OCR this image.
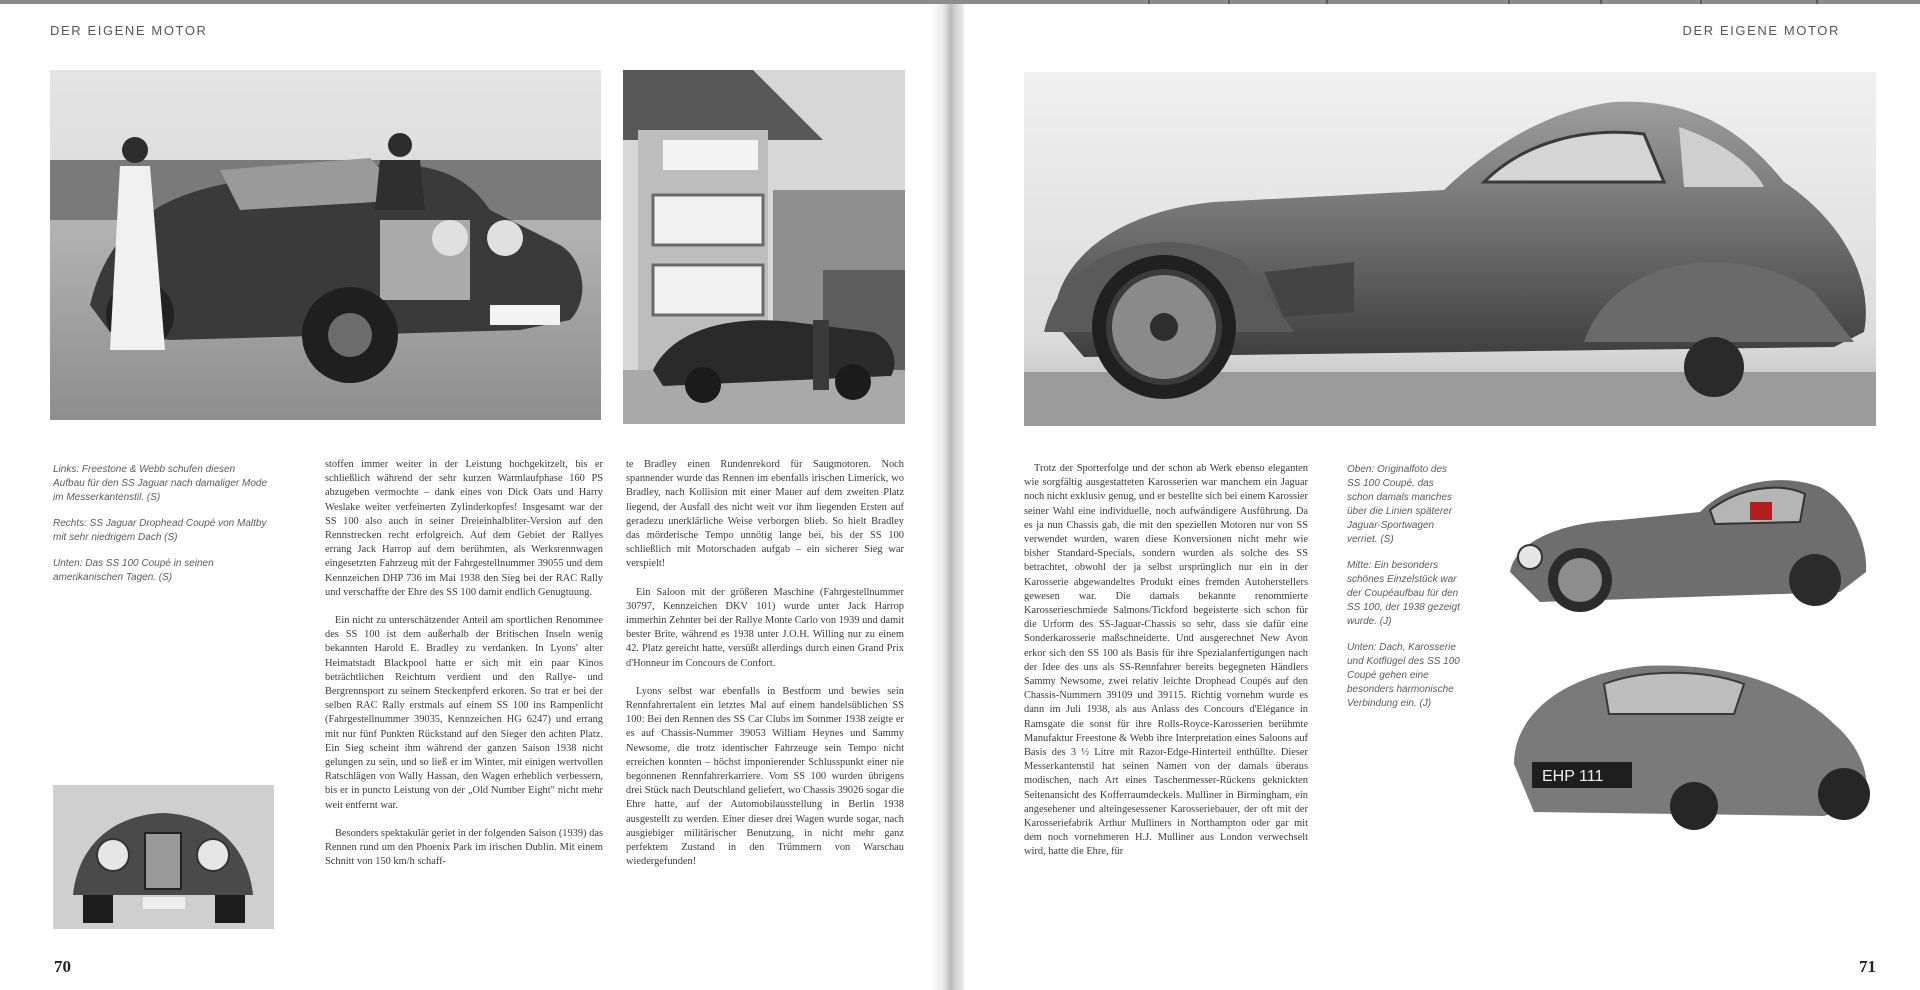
DER EIGENE MOTOR

Links: Freestone & Webb schufen diesen Aufbau für den SS Jaguar nach damaliger Mode im Messerkantenstil. (S)

Rechts: SS Jaguar Drophead Coupé von Maltby mit sehr niedrigem Dach (S)

Unten: Das SS 100 Coupé in seinen amerikanischen Tagen. (S)

stoffen immer weiter in der Leistung hochgekitzelt, bis er schließlich während der sehr kurzen Warmlaufphase 160 PS abzugeben vermochte – dank eines von Dick Oats und Harry Weslake weiter verfeinerten Zylinderkopfes! Insgesamt war der SS 100 also auch in seiner Dreieinhalbliter-Version auf den Rennstrecken recht erfolgreich. Auf dem Gebiet der Rallyes errang Jack Harrop auf dem berühmten, als Werksrennwagen eingesetzten Fahrzeug mit der Fahrgestellnummer 39055 und dem Kennzeichen DHP 736 im Mai 1938 den Sieg bei der RAC Rally und verschaffte der Ehre des SS 100 damit endlich Genugtuung.

Ein nicht zu unterschätzender Anteil am sportlichen Renommee des SS 100 ist dem außerhalb der Britischen Inseln wenig bekannten Harold E. Bradley zu verdanken. In Lyons' alter Heimatstadt Blackpool hatte er sich mit ein paar Kinos beträchtlichen Reichtum verdient und den Rallye- und Bergrennsport zu seinem Steckenpferd erkoren. So trat er bei der selben RAC Rally erstmals auf einem SS 100 ins Rampenlicht (Fahrgestellnummer 39035, Kennzeichen HG 6247) und errang mit nur fünf Punkten Rückstand auf den Sieger den achten Platz. Ein Sieg scheint ihm während der ganzen Saison 1938 nicht gelungen zu sein, und so ließ er im Winter, mit einigen wertvollen Ratschlägen von Wally Hassan, den Wagen erheblich verbessern, bis er in puncto Leistung von der „Old Number Eight" nicht mehr weit entfernt war.

Besonders spektakulär geriet in der folgenden Saison (1939) das Rennen rund um den Phoenix Park im irischen Dublin. Mit einem Schnitt von 150 km/h schaff-

te Bradley einen Rundenrekord für Saugmotoren. Noch spannender wurde das Rennen im ebenfalls irischen Limerick, wo Bradley, nach Kollision mit einer Mauer auf dem zweiten Platz liegend, der Ausfall des nicht weit vor ihm liegenden Ersten auf geradezu unerklärliche Weise verborgen blieb. So hielt Bradley das mörderische Tempo unnötig lange bei, bis der SS 100 schließlich mit Motorschaden aufgab – ein sicherer Sieg war verspielt!

Ein Saloon mit der größeren Maschine (Fahrgestellnummer 30797, Kennzeichen DKV 101) wurde unter Jack Harrop immerhin Zehnter bei der Rallye Monte Carlo von 1939 und damit bester Brite, während es 1938 unter J.O.H. Willing nur zu einem 42. Platz gereicht hatte, versüßt allerdings durch einen Grand Prix d'Honneur im Concours de Confort.

Lyons selbst war ebenfalls in Bestform und bewies sein Rennfahrertalent ein letztes Mal auf einem handelsüblichen SS 100: Bei den Rennen des SS Car Clubs im Sommer 1938 zeigte er es auf Chassis-Nummer 39053 William Heynes und Sammy Newsome, die trotz identischer Fahrzeuge sein Tempo nicht erreichen konnten – höchst imponierender Schlusspunkt einer nie begonnenen Rennfahrerkarriere. Vom SS 100 wurden übrigens drei Stück nach Deutschland geliefert, wo Chassis 39026 sogar die Ehre hatte, auf der Automobilausstellung in Berlin 1938 ausgestellt zu werden. Einer dieser drei Wagen wurde sogar, nach ausgiebiger militärischer Benutzung, in nicht mehr ganz perfektem Zustand in den Trümmern von Warschau wiedergefunden!

70
DER EIGENE MOTOR

Trotz der Sporterfolge und der schon ab Werk ebenso eleganten wie sorgfältig ausgestatteten Karosserien war manchem ein Jaguar noch nicht exklusiv genug, und er bestellte sich bei einem Karossier seiner Wahl eine individuelle, noch aufwändigere Ausführung. Da es ja nun Chassis gab, die mit den speziellen Motoren nur von SS verwendet wurden, waren diese Konversionen nicht mehr wie bisher Standard-Specials, sondern wurden als solche des SS betrachtet, obwohl der ja selbst ursprünglich nur ein in der Karosserie abgewandeltes Produkt eines fremden Autoherstellers gewesen war. Die damals bekannte renommierte Karosserieschmiede Salmons/Tickford begeisterte sich schon für die Urform des SS-Jaguar-Chassis so sehr, dass sie dafür eine Sonderkarosserie maßschneiderte. Und ausgerechnet New Avon erkor sich den SS 100 als Basis für ihre Spezialanfertigungen nach der Idee des uns als SS-Rennfahrer bereits begegneten Händlers Sammy Newsome, zwei relativ leichte Drophead Coupés auf den Chassis-Nummern 39109 und 39115. Richtig vornehm wurde es dann im Juli 1938, als aus Anlass des Concours d'Elégance in Ramsgate die sonst für ihre Rolls-Royce-Karosserien berühmte Manufaktur Freestone & Webb ihre Interpretation eines Saloons auf Basis des 3 ½ Litre mit Razor-Edge-Hinterteil enthüllte. Dieser Messerkantenstil hat seinen Namen von der damals überaus modischen, nach Art eines Taschenmesser-Rückens geknickten Seitenansicht des Kofferraumdeckels. Mulliner in Birmingham, ein angesehener und alteingesessener Karosseriebauer, der oft mit der Karosseriefabrik Arthur Mulliners in Northampton oder gar mit dem noch vornehmeren H.J. Mulliner aus London verwechselt wird, hatte die Ehre, für

Oben: Originalfoto des SS 100 Coupé, das schon damals manches über die Linien späterer Jaguar-Sportwagen verriet. (S)

Mitte: Ein besonders schönes Einzelstück war der Coupéaufbau für den SS 100, der 1938 gezeigt wurde. (J)

Unten: Dach, Karosserie und Kotflügel des SS 100 Coupé gehen eine besonders harmonische Verbindung ein. (J)

EHP 111
71
